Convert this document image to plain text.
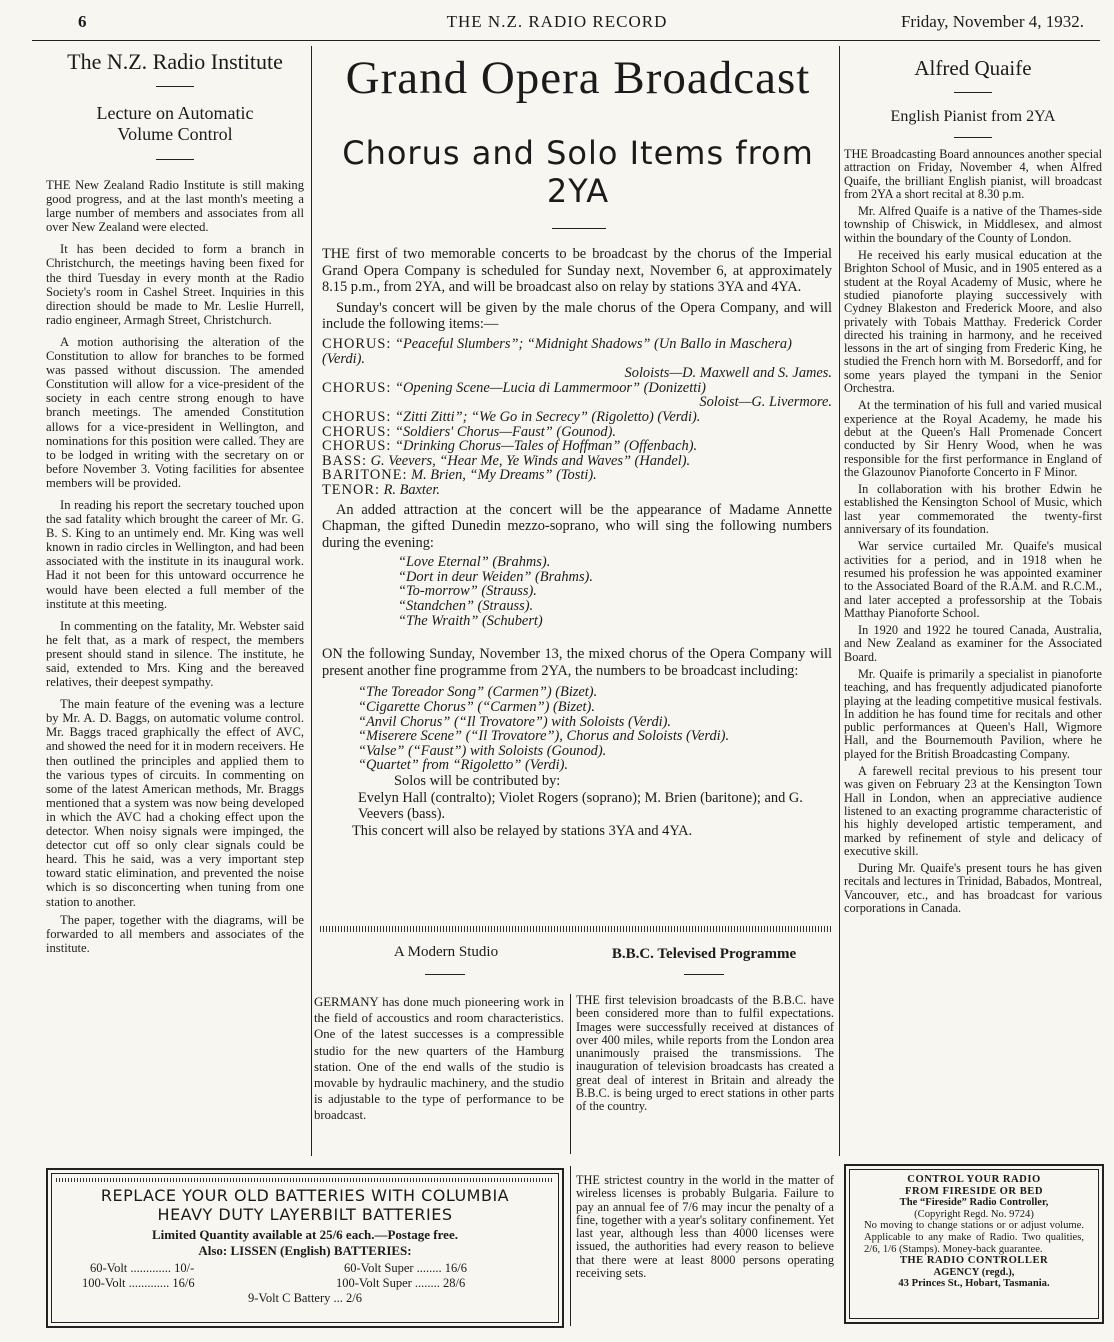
6	THE N.Z. RADIO RECORD	Friday, November 4, 1932.
The N.Z. Radio Institute
Lecture on Automatic Volume Control

THE New Zealand Radio Institute is still making good progress, and at the last month's meeting a large number of members and associates from all over New Zealand were elected.

It has been decided to form a branch in Christchurch, the meetings having been fixed for the third Tuesday in every month at the Radio Society's room in Cashel Street. Inquiries in this direction should be made to Mr. Leslie Hurrell, radio engineer, Armagh Street, Christchurch.

A motion authorising the alteration of the Constitution to allow for branches to be formed was passed without discussion. The amended Constitution will allow for a vice-president of the society in each centre strong enough to have branch meetings. The amended Constitution allows for a vice-president in Wellington, and nominations for this position were called. They are to be lodged in writing with the secretary on or before November 3. Voting facilities for absentee members will be provided.

In reading his report the secretary touched upon the sad fatality which brought the career of Mr. G. B. S. King to an untimely end. Mr. King was well known in radio circles in Wellington, and had been associated with the institute in its inaugural work. Had it not been for this untoward occurrence he would have been elected a full member of the institute at this meeting.

In commenting on the fatality, Mr. Webster said he felt that, as a mark of respect, the members present should stand in silence. The institute, he said, extended to Mrs. King and the bereaved relatives, their deepest sympathy.

The main feature of the evening was a lecture by Mr. A. D. Baggs, on automatic volume control. Mr. Baggs traced graphically the effect of AVC, and showed the need for it in modern receivers. He then outlined the principles and applied them to the various types of circuits. In commenting on some of the latest American methods, Mr. Braggs mentioned that a system was now being developed in which the AVC had a choking effect upon the detector. When noisy signals were impinged, the detector cut off so only clear signals could be heard. This he said, was a very important step toward static elimination, and prevented the noise which is so disconcerting when tuning from one station to another.

The paper, together with the diagrams, will be forwarded to all members and associates of the institute.

Grand Opera Broadcast
Chorus and Solo Items from 2YA

THE first of two memorable concerts to be broadcast by the chorus of the Imperial Grand Opera Company is scheduled for Sunday next, November 6, at approximately 8.15 p.m., from 2YA, and will be broadcast also on relay by stations 3YA and 4YA.

Sunday's concert will be given by the male chorus of the Opera Company, and will include the following items:—

CHORUS: “Peaceful Slumbers”; “Midnight Shadows” (Un Ballo in Maschera) (Verdi).
Soloists—D. Maxwell and S. James.
CHORUS: “Opening Scene—Lucia di Lammermoor” (Donizetti)
Soloist—G. Livermore.
CHORUS: “Zitti Zitti”; “We Go in Secrecy” (Rigoletto) (Verdi).
CHORUS: “Soldiers' Chorus—Faust” (Gounod).
CHORUS: “Drinking Chorus—Tales of Hoffman” (Offenbach).
BASS: G. Veevers, “Hear Me, Ye Winds and Waves” (Handel).
BARITONE: M. Brien, “My Dreams” (Tosti).
TENOR: R. Baxter.

An added attraction at the concert will be the appearance of Madame Annette Chapman, the gifted Dunedin mezzo-soprano, who will sing the following numbers during the evening:

“Love Eternal” (Brahms).
“Dort in deur Weiden” (Brahms).
“To-morrow” (Strauss).
“Standchen” (Strauss).
“The Wraith” (Schubert)

ON the following Sunday, November 13, the mixed chorus of the Opera Company will present another fine programme from 2YA, the numbers to be broadcast including:

“The Toreador Song” (Carmen”) (Bizet).
“Cigarette Chorus” (“Carmen”) (Bizet).
“Anvil Chorus” (“Il Trovatore”) with Soloists (Verdi).
“Miserere Scene” (“Il Trovatore”), Chorus and Soloists (Verdi).
“Valse” (“Faust”) with Soloists (Gounod).
“Quartet” from “Rigoletto” (Verdi).
Solos will be contributed by:
Evelyn Hall (contralto); Violet Rogers (soprano); M. Brien (baritone); and G. Veevers (bass).
This concert will also be relayed by stations 3YA and 4YA.
A Modern Studio

GERMANY has done much pioneering work in the field of accoustics and room characteristics. One of the latest successes is a compressible studio for the new quarters of the Hamburg station. One of the end walls of the studio is movable by hydraulic machinery, and the studio is adjustable to the type of performance to be broadcast.

B.B.C. Televised Programme

THE first television broadcasts of the B.B.C. have been considered more than to fulfil expectations. Images were successfully received at distances of over 400 miles, while reports from the London area unanimously praised the transmissions. The inauguration of television broadcasts has created a great deal of interest in Britain and already the B.B.C. is being urged to erect stations in other parts of the country.

THE strictest country in the world in the matter of wireless licenses is probably Bulgaria. Failure to pay an annual fee of 7/6 may incur the penalty of a fine, together with a year's solitary confinement. Yet last year, although less than 4000 licenses were issued, the authorities had every reason to believe that there were at least 8000 persons operating receiving sets.

Alfred Quaife
English Pianist from 2YA

THE Broadcasting Board announces another special attraction on Friday, November 4, when Alfred Quaife, the brilliant English pianist, will broadcast from 2YA a short recital at 8.30 p.m.

Mr. Alfred Quaife is a native of the Thames-side township of Chiswick, in Middlesex, and almost within the boundary of the County of London.

He received his early musical education at the Brighton School of Music, and in 1905 entered as a student at the Royal Academy of Music, where he studied pianoforte playing successively with Cydney Blakeston and Frederick Moore, and also privately with Tobais Matthay. Frederick Corder directed his training in harmony, and he received lessons in the art of singing from Frederic King, he studied the French horn with M. Borsedorff, and for some years played the tympani in the Senior Orchestra.

At the termination of his full and varied musical experience at the Royal Academy, he made his debut at the Queen's Hall Promenade Concert conducted by Sir Henry Wood, when he was responsible for the first performance in England of the Glazounov Pianoforte Concerto in F Minor.

In collaboration with his brother Edwin he established the Kensington School of Music, which last year commemorated the twenty-first anniversary of its foundation.

War service curtailed Mr. Quaife's musical activities for a period, and in 1918 when he resumed his profession he was appointed examiner to the Associated Board of the R.A.M. and R.C.M., and later accepted a professorship at the Tobais Matthay Pianoforte School.

In 1920 and 1922 he toured Canada, Australia, and New Zealand as examiner for the Associated Board.

Mr. Quaife is primarily a specialist in pianoforte teaching, and has frequently adjudicated pianoforte playing at the leading competitive musical festivals. In addition he has found time for recitals and other public performances at Queen's Hall, Wigmore Hall, and the Bournemouth Pavilion, where he played for the British Broadcasting Company.

A farewell recital previous to his present tour was given on February 23 at the Kensington Town Hall in London, when an appreciative audience listened to an exacting programme characteristic of his highly developed artistic temperament, and marked by refinement of style and delicacy of executive skill.

During Mr. Quaife's present tours he has given recitals and lectures in Trinidad, Babados, Montreal, Vancouver, etc., and has broadcast for various corporations in Canada.

REPLACE YOUR OLD BATTERIES WITH COLUMBIA
HEAVY DUTY LAYERBILT BATTERIES
Limited Quantity available at 25/6 each.—Postage free.
Also: LISSEN (English) BATTERIES:
60-Volt ............. 10/-	60-Volt Super ........ 16/6
100-Volt ............. 16/6	100-Volt Super ........ 28/6
9-Volt C Battery ... 2/6
CONTROL YOUR RADIO
FROM FIRESIDE OR BED
The “Fireside” Radio Controller,
(Copyright Regd. No. 9724)
No moving to change stations or or adjust volume. Applicable to any make of Radio. Two qualities, 2/6, 1/6 (Stamps). Money-back guarantee.
THE RADIO CONTROLLER
AGENCY (regd.),
43 Princes St., Hobart, Tasmania.
